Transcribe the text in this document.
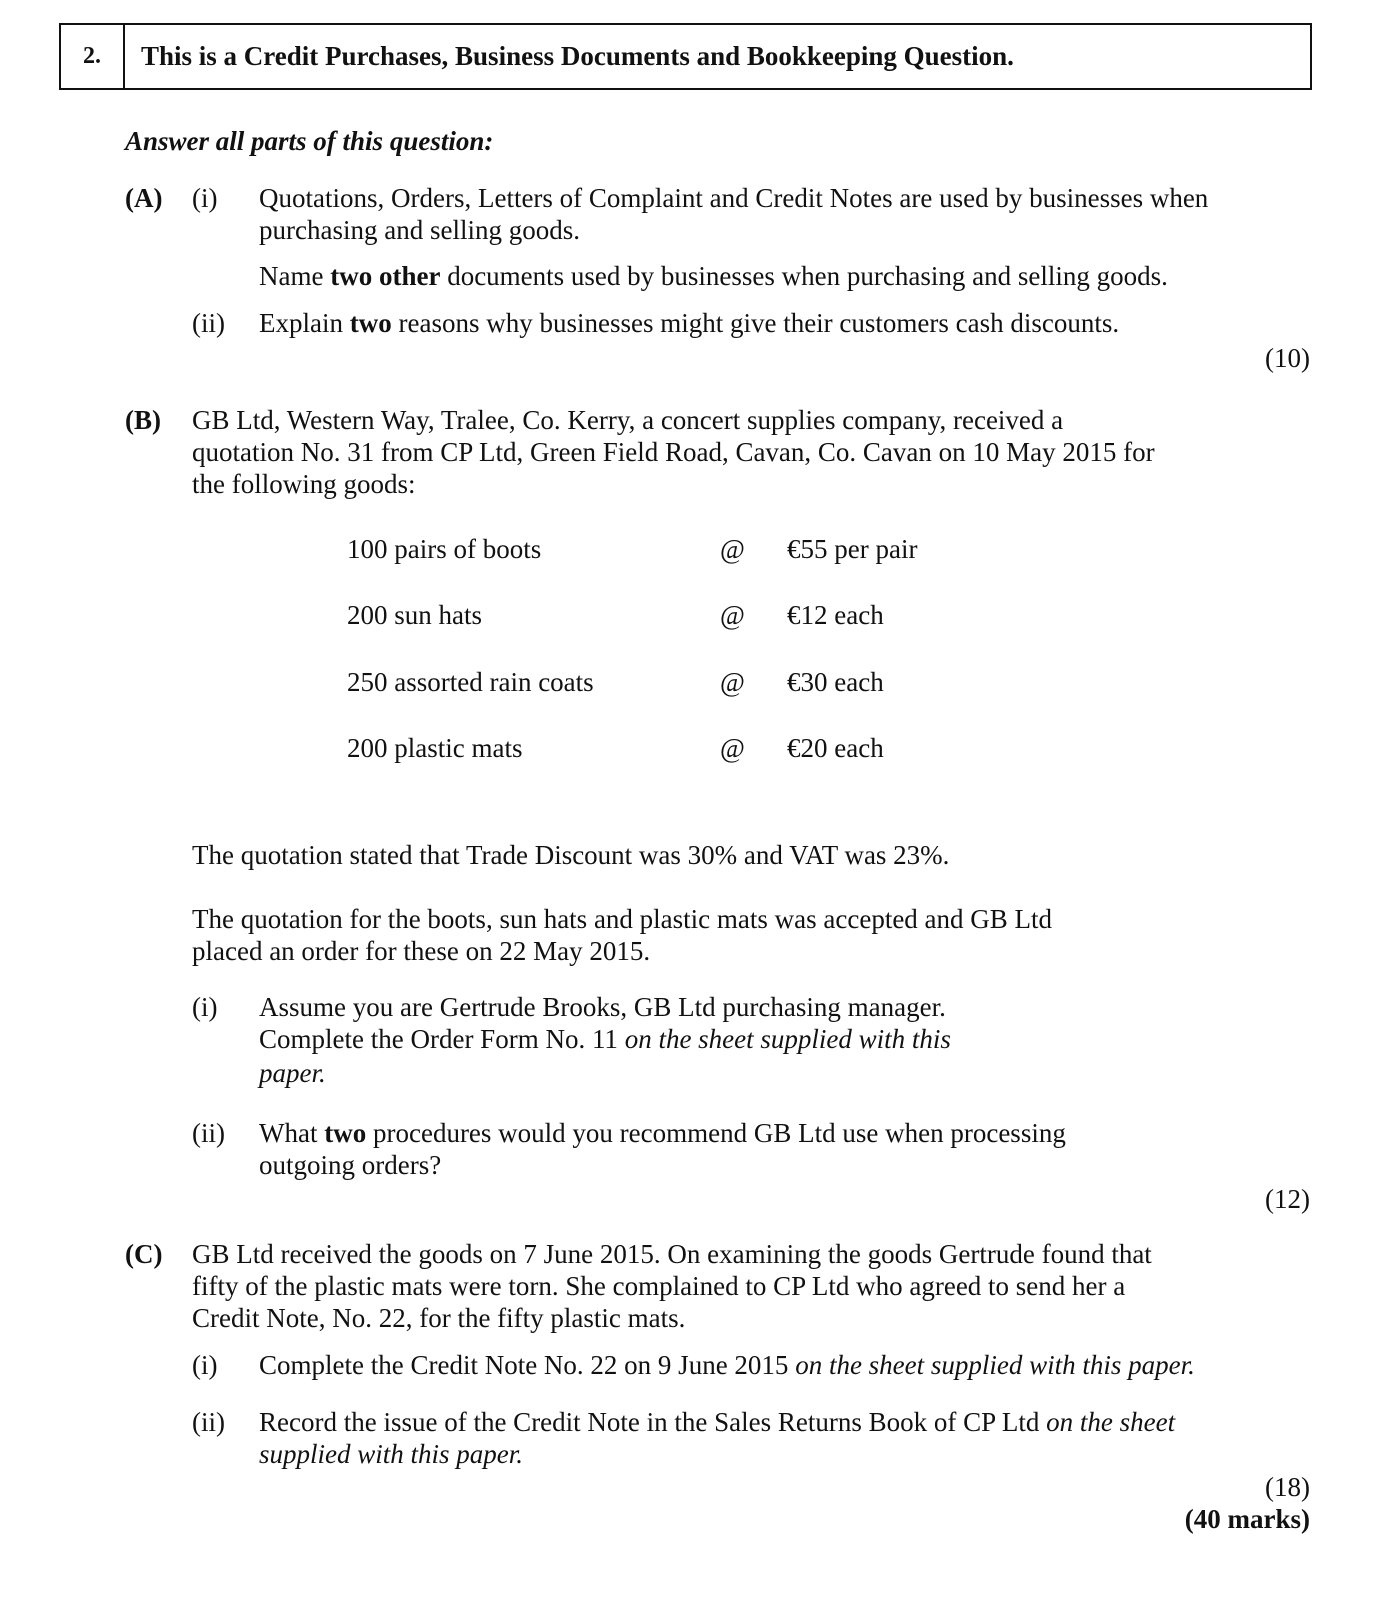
2.	This is a Credit Purchases, Business Documents and Bookkeeping Question.
Answer all parts of this question:
(A) (i) Quotations, Orders, Letters of Complaint and Credit Notes are used by businesses when
purchasing and selling goods.
Name two other documents used by businesses when purchasing and selling goods.
(ii) Explain two reasons why businesses might give their customers cash discounts.
(10)
(B) GB Ltd, Western Way, Tralee, Co. Kerry, a concert supplies company, received a
quotation No. 31 from CP Ltd, Green Field Road, Cavan, Co. Cavan on 10 May 2015 for
the following goods:
100 pairs of boots	@ €55 per pair
200 sun hats	@ €12 each
250 assorted rain coats	@ €30 each
200 plastic mats	@ €20 each
The quotation stated that Trade Discount was 30% and VAT was 23%.
The quotation for the boots, sun hats and plastic mats was accepted and GB Ltd
placed an order for these on 22 May 2015.
(i) Assume you are Gertrude Brooks, GB Ltd purchasing manager.
Complete the Order Form No. 11 on the sheet supplied with this
paper.
(ii) What two procedures would you recommend GB Ltd use when processing
outgoing orders?
(12)
(C) GB Ltd received the goods on 7 June 2015. On examining the goods Gertrude found that
fifty of the plastic mats were torn. She complained to CP Ltd who agreed to send her a
Credit Note, No. 22, for the fifty plastic mats.
(i) Complete the Credit Note No. 22 on 9 June 2015 on the sheet supplied with this paper.
(ii) Record the issue of the Credit Note in the Sales Returns Book of CP Ltd on the sheet
supplied with this paper.
(18)
(40 marks)
